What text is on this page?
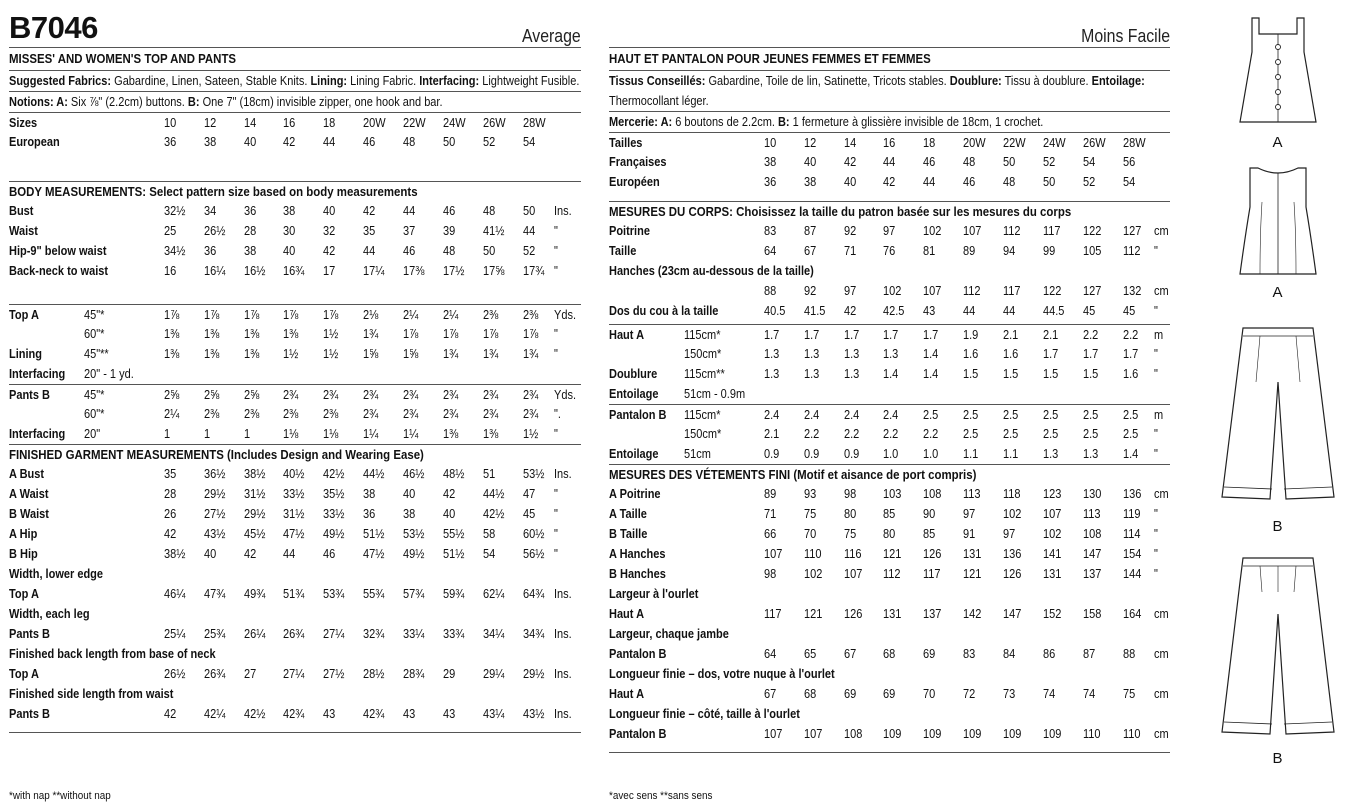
B7046	Average
MISSES' AND WOMEN'S TOP AND PANTS
Suggested Fabrics: Gabardine, Linen, Sateen, Stable Knits. Lining: Lining Fabric. Interfacing: Lightweight Fusible.
Notions: A: Six ⅞" (2.2cm) buttons. B: One 7" (18cm) invisible zipper, one hook and bar.
Sizes	10 12 14 16 18 20W 22W 24W 26W 28W
European	36 38 40 42 44 46 48 50 52 54
BODY MEASUREMENTS: Select pattern size based on body measurements
Bust	32½ 34 36 38 40 42 44 46 48 50 Ins.
Waist	25 26½ 28 30 32 35 37 39 41½ 44 "
Hip-9" below waist	34½ 36 38 40 42 44 46 48 50 52 "
Back-neck to waist	16 16¼ 16½ 16¾ 17 17¼ 17⅜ 17½ 17⅝ 17¾ "
Top A	45"*	1⅞ 1⅞ 1⅞ 1⅞ 1⅞ 2⅛ 2¼ 2¼ 2⅜ 2⅜ Yds.
60"*	1⅜ 1⅜ 1⅜ 1⅜ 1½ 1¾ 1⅞ 1⅞ 1⅞ 1⅞ "
Lining	45"**	1⅜ 1⅜ 1⅜ 1½ 1½ 1⅝ 1⅝ 1¾ 1¾ 1¾ "
Interfacing 20" - 1 yd.
Pants B	45"*	2⅝ 2⅝ 2⅝ 2¾ 2¾ 2¾ 2¾ 2¾ 2¾ 2¾ Yds.
60"*	2¼ 2⅜ 2⅜ 2⅜ 2⅜ 2¾ 2¾ 2¾ 2¾ 2¾ ".
Interfacing 20"	1	1	1	1⅛ 1⅛ 1¼ 1¼ 1⅜ 1⅜ 1½ "
FINISHED GARMENT MEASUREMENTS (Includes Design and Wearing Ease)
A Bust	35 36½ 38½ 40½ 42½ 44½ 46½ 48½ 51 53½ Ins.
A Waist	28 29½ 31½ 33½ 35½ 38 40 42 44½ 47 "
B Waist	26 27½ 29½ 31½ 33½ 36 38 40 42½ 45 "
A Hip	42 43½ 45½ 47½ 49½ 51½ 53½ 55½ 58 60½ "
B Hip	38½ 40 42 44 46 47½ 49½ 51½ 54 56½ "
Width, lower edge
Top A	46¼ 47¾ 49¾ 51¾ 53¾ 55¾ 57¾ 59¾ 62¼ 64¾ Ins.
Width, each leg
Pants B	25¼ 25¾ 26¼ 26¾ 27¼ 32¾ 33¼ 33¾ 34¼ 34¾ Ins.
Finished back length from base of neck
Top A	26½ 26¾ 27 27¼ 27½ 28½ 28¾ 29 29¼ 29½ Ins.
Finished side length from waist
Pants B	42 42¼ 42½ 42¾ 43 42¾ 43 43 43¼ 43½ Ins.
Moins Facile
HAUT ET PANTALON POUR JEUNES FEMMES ET FEMMES
Tissus Conseillés: Gabardine, Toile de lin, Satinette, Tricots stables. Doublure: Tissu à doublure. Entoilage: Thermocollant léger.
Mercerie: A: 6 boutons de 2.2cm. B: 1 fermeture à glissière invisible de 18cm, 1 crochet.
Tailles	10 12 14 16 18 20W 22W 24W 26W 28W
Françaises	38 40 42 44 46 48 50 52 54 56
Européen	36 38 40 42 44 46 48 50 52 54
MESURES DU CORPS: Choisissez la taille du patron basée sur les mesures du corps
Poitrine	83 87 92 97 102 107 112 117 122 127 cm
Taille	64 67 71 76 81 89 94 99 105 112 "
Hanches (23cm au-dessous de la taille)
88 92 97 102 107 112 117 122 127 132 cm
Dos du cou à la taille	40.5 41.5 42 42.5 43 44 44 44.5 45 45 "
Haut A	115cm*	1.7 1.7 1.7 1.7 1.7 1.9 2.1 2.1 2.2 2.2 m
150cm*	1.3 1.3 1.3 1.3 1.4 1.6 1.6 1.7 1.7 1.7 "
Doublure 115cm**	1.3 1.3 1.3 1.4 1.4 1.5 1.5 1.5 1.5 1.6 "
Entoilage 51cm - 0.9m
Pantalon B 115cm*	2.4 2.4 2.4 2.4 2.5 2.5 2.5 2.5 2.5 2.5 m
150cm*	2.1 2.2 2.2 2.2 2.2 2.5 2.5 2.5 2.5 2.5 "
Entoilage 51cm	0.9 0.9 0.9 1.0 1.0 1.1 1.1 1.3 1.3 1.4 "
MESURES DES VÉTEMENTS FINI (Motif et aisance de port compris)
A Poitrine	89 93 98 103 108 113 118 123 130 136 cm
A Taille	71 75 80 85 90 97 102 107 113 119 "
B Taille	66 70 75 80 85 91 97 102 108 114 "
A Hanches	107 110 116 121 126 131 136 141 147 154 "
B Hanches	98 102 107 112 117 121 126 131 137 144 "
Largeur à l'ourlet
Haut A	117 121 126 131 137 142 147 152 158 164 cm
Largeur, chaque jambe
Pantalon B	64 65 67 68 69 83 84 86 87 88 cm
Longueur finie – dos, votre nuque à l'ourlet
Haut A	67 68 69 69 70 72 73 74 74 75 cm
Longueur finie – côté, taille à l'ourlet
Pantalon B	107 107 108 109 109 109 109 109 110 110 cm
A
A
B
B
*with nap **without nap	*avec sens **sans sens
